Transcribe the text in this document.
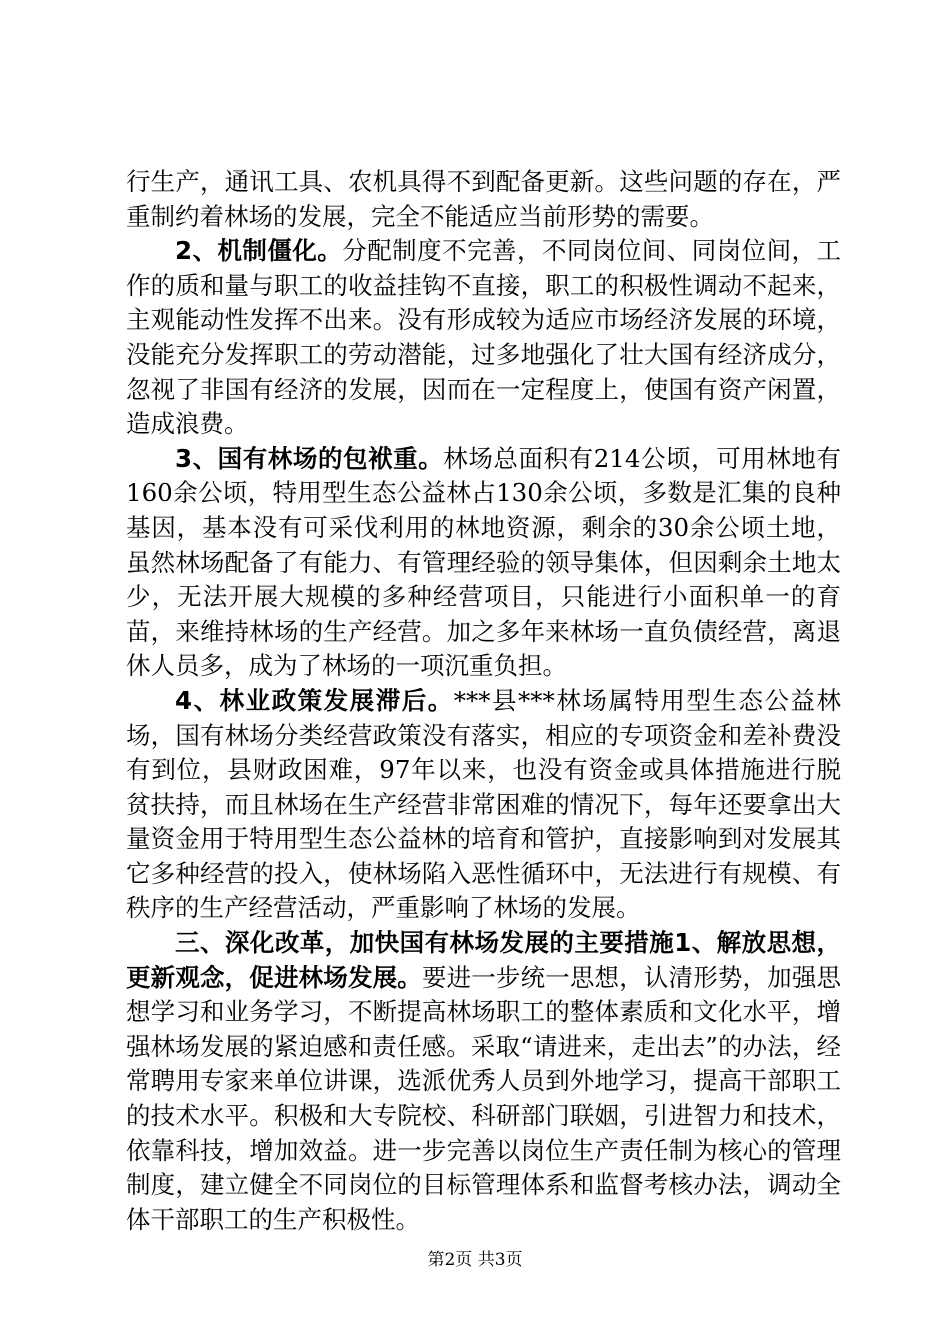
行生产，通讯工具、农机具得不到配备更新。这些问题的存在，严重制约着林场的发展，完全不能适应当前形势的需要。

2、机制僵化。分配制度不完善，不同岗位间、同岗位间，工作的质和量与职工的收益挂钩不直接，职工的积极性调动不起来，主观能动性发挥不出来。没有形成较为适应市场经济发展的环境，没能充分发挥职工的劳动潜能，过多地强化了壮大国有经济成分，忽视了非国有经济的发展，因而在一定程度上，使国有资产闲置，造成浪费。

3、国有林场的包袱重。林场总面积有214公顷，可用林地有160余公顷，特用型生态公益林占130余公顷，多数是汇集的良种基因，基本没有可采伐利用的林地资源，剩余的30余公顷土地，虽然林场配备了有能力、有管理经验的领导集体，但因剩余土地太少，无法开展大规模的多种经营项目，只能进行小面积单一的育苗，来维持林场的生产经营。加之多年来林场一直负债经营，离退休人员多，成为了林场的一项沉重负担。

4、林业政策发展滞后。***县***林场属特用型生态公益林场，国有林场分类经营政策没有落实，相应的专项资金和差补费没有到位，县财政困难，97年以来，也没有资金或具体措施进行脱贫扶持，而且林场在生产经营非常困难的情况下，每年还要拿出大量资金用于特用型生态公益林的培育和管护，直接影响到对发展其它多种经营的投入，使林场陷入恶性循环中，无法进行有规模、有秩序的生产经营活动，严重影响了林场的发展。

三、深化改革，加快国有林场发展的主要措施1、解放思想，更新观念，促进林场发展。要进一步统一思想，认清形势，加强思想学习和业务学习，不断提高林场职工的整体素质和文化水平，增强林场发展的紧迫感和责任感。采取“请进来，走出去”的办法，经常聘用专家来单位讲课，选派优秀人员到外地学习，提高干部职工的技术水平。积极和大专院校、科研部门联姻，引进智力和技术，依靠科技，增加效益。进一步完善以岗位生产责任制为核心的管理制度，建立健全不同岗位的目标管理体系和监督考核办法，调动全体干部职工的生产积极性。

第2页 共3页
